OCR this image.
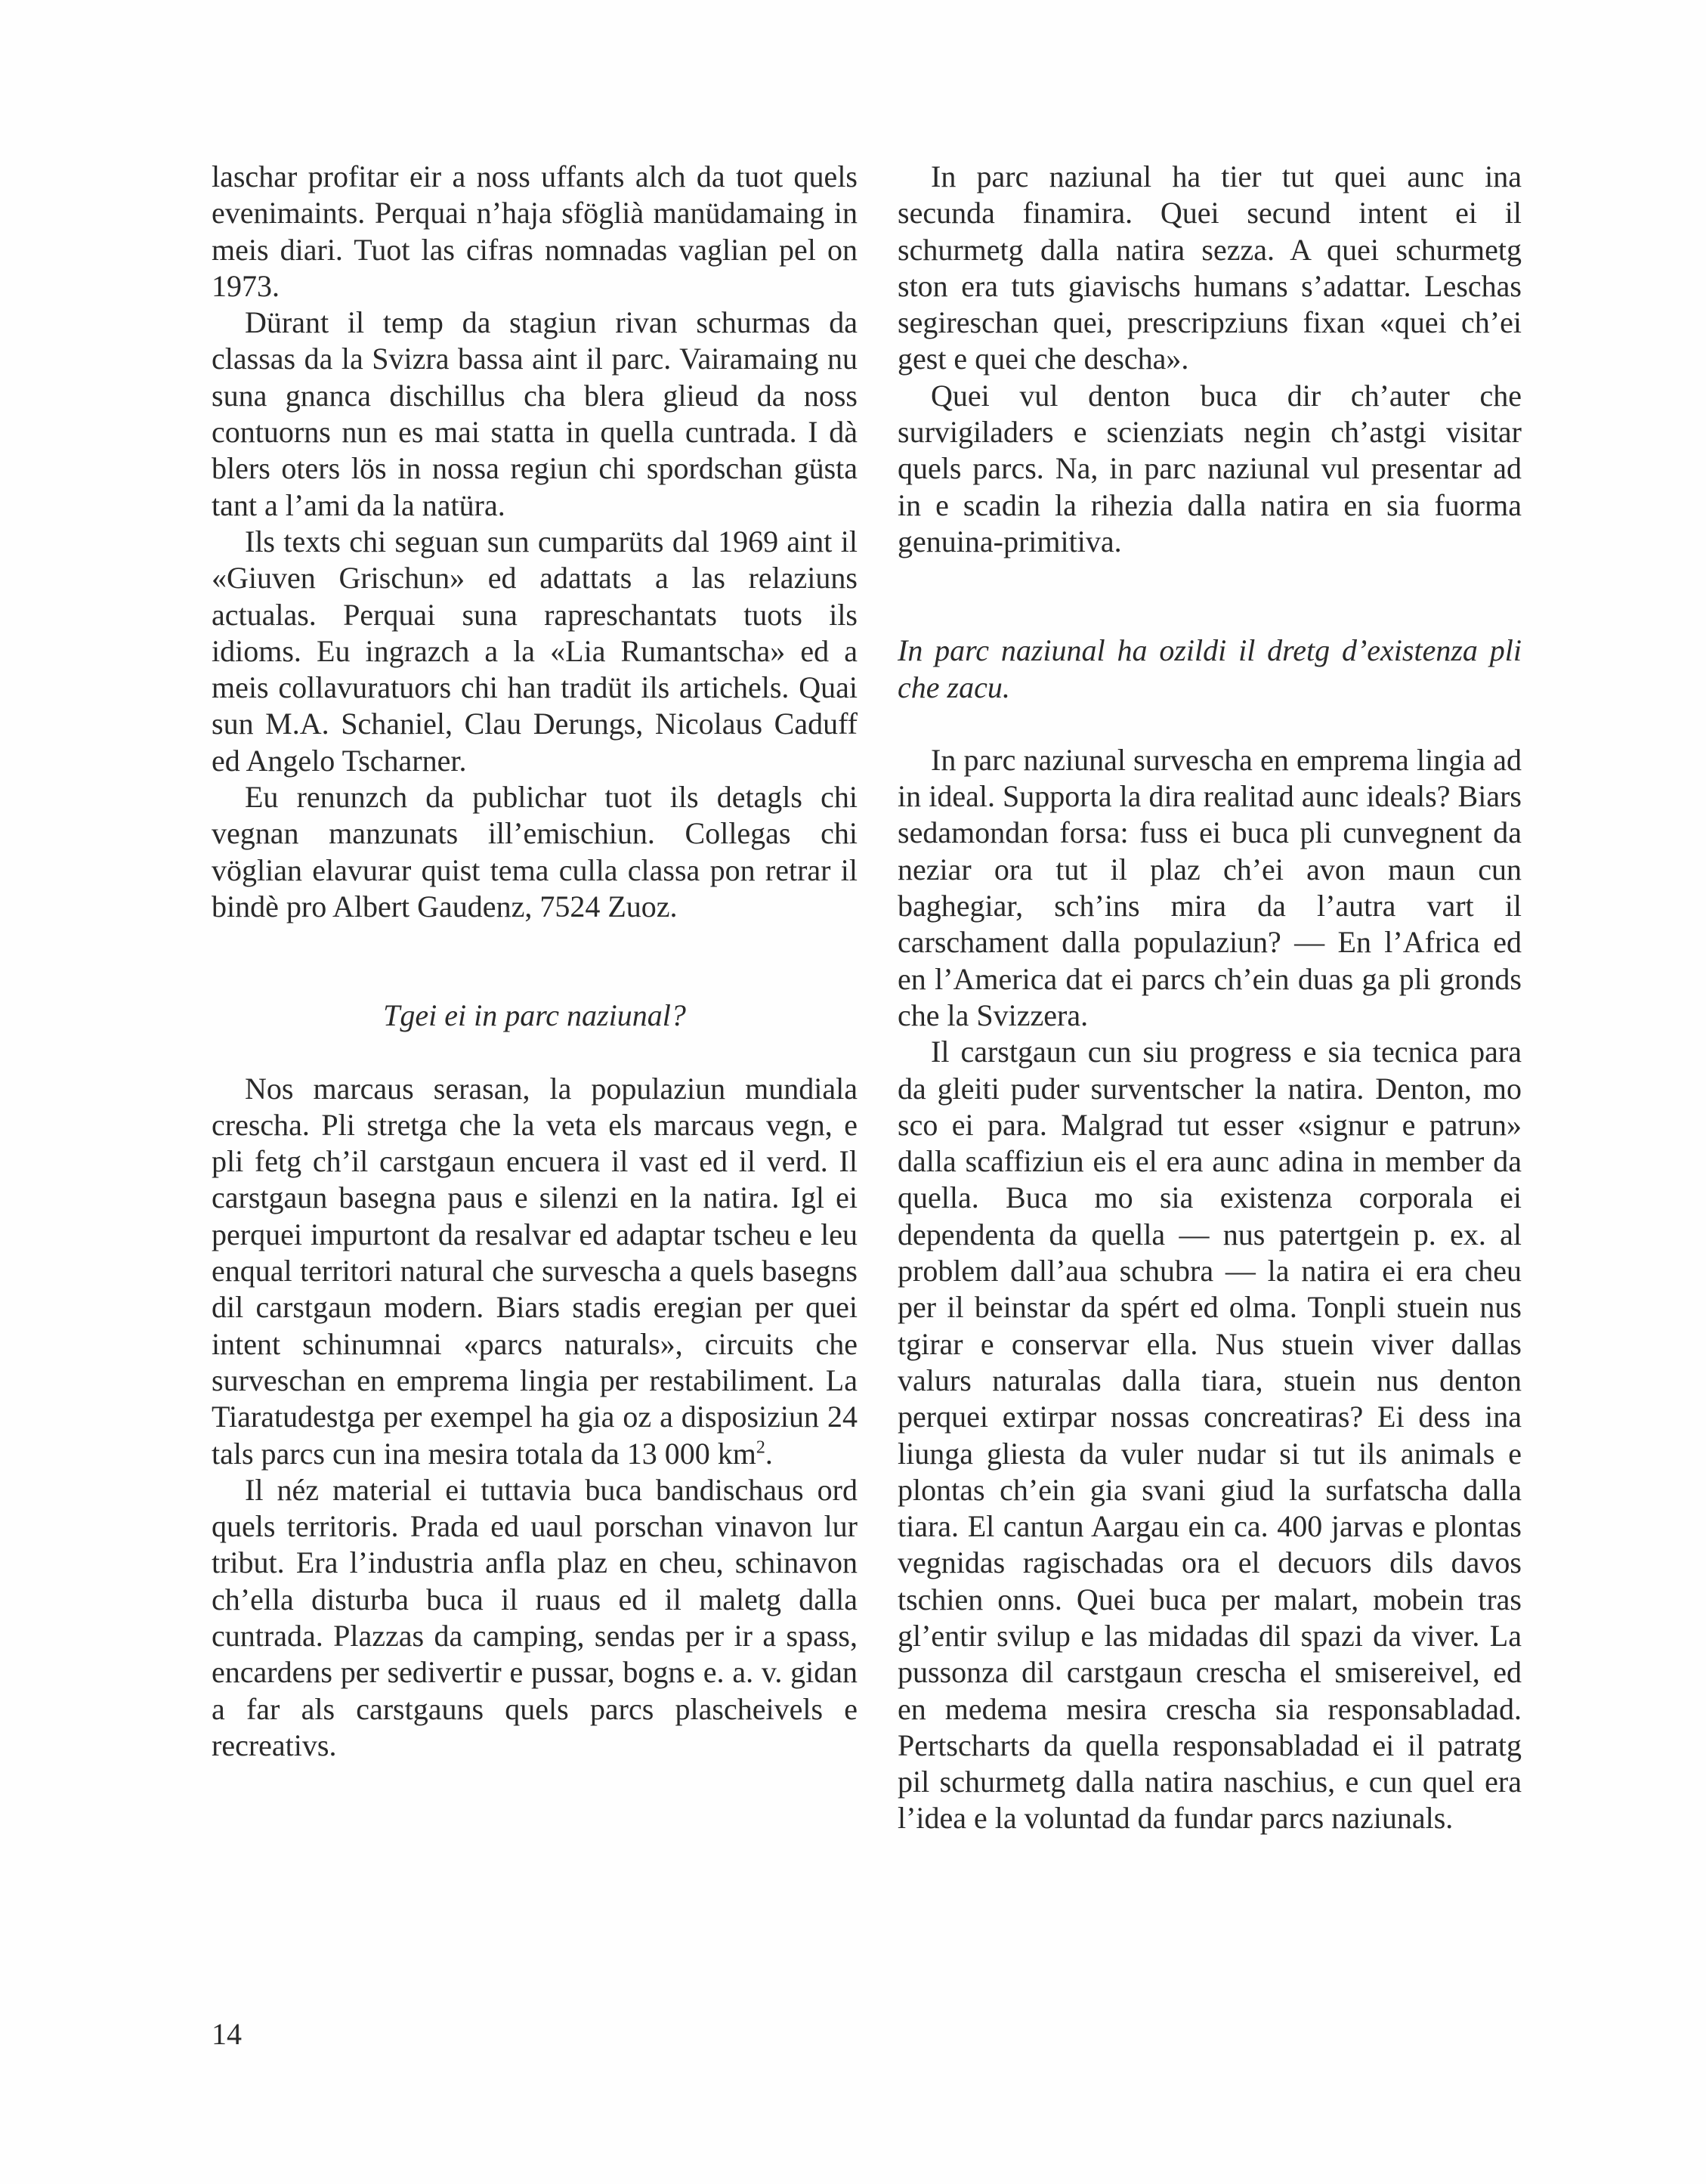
laschar profitar eir a noss uffants alch da tuot quels evenimaints. Perquai n’haja sföglià manüdamaing in meis diari. Tuot las cifras nomnadas vaglian pel on 1973.

Dürant il temp da stagiun rivan schurmas da classas da la Svizra bassa aint il parc. Vairamaing nu suna gnanca dischillus cha blera glieud da noss contuorns nun es mai statta in quella cuntrada. I dà blers oters lös in nossa regiun chi spordschan güsta tant a l’ami da la natüra.

Ils texts chi seguan sun cumparüts dal 1969 aint il «Giuven Grischun» ed adattats a las relaziuns actualas. Perquai suna rapreschantats tuots ils idioms. Eu ingrazch a la «Lia Rumantscha» ed a meis collavuratuors chi han tradüt ils artichels. Quai sun M.A. Schaniel, Clau Derungs, Nicolaus Caduff ed Angelo Tscharner.

Eu renunzch da publichar tuot ils detagls chi vegnan manzunats ill’emischiun. Collegas chi vöglian elavurar quist tema culla classa pon retrar il bindè pro Albert Gaudenz, 7524 Zuoz.

Tgei ei in parc naziunal?

Nos marcaus serasan, la populaziun mundiala crescha. Pli stretga che la veta els marcaus vegn, e pli fetg ch’il carstgaun encuera il vast ed il verd. Il carstgaun basegna paus e silenzi en la natira. Igl ei perquei impurtont da resalvar ed adaptar tscheu e leu enqual territori natural che survescha a quels basegns dil carstgaun modern. Biars stadis eregian per quei intent schinumnai «parcs naturals», circuits che surveschan en emprema lingia per restabiliment. La Tiaratudestga per exempel ha gia oz a disposiziun 24 tals parcs cun ina mesira totala da 13 000 $km^2$.

Il néz material ei tuttavia buca bandischaus ord quels territoris. Prada ed uaul porschan vinavon lur tribut. Era l’industria anfla plaz en cheu, schinavon ch’ella disturba buca il ruaus ed il maletg dalla cuntrada. Plazzas da camping, sendas per ir a spass, encardens per sedivertir e pussar, bogns e. a. v. gidan a far als carstgauns quels parcs plascheivels e recreativs.

In parc naziunal ha tier tut quei aunc ina secunda finamira. Quei secund intent ei il schurmetg dalla natira sezza. A quei schurmetg ston era tuts giavischs humans s’adattar. Leschas segireschan quei, prescripziuns fixan «quei ch’ei gest e quei che descha».

Quei vul denton buca dir ch’auter che survigiladers e scienziats negin ch’astgi visitar quels parcs. Na, in parc naziunal vul presentar ad in e scadin la rihezia dalla natira en sia fuorma genuina-primitiva.

In parc naziunal ha ozildi il dretg d’existenza pli che zacu.

In parc naziunal survescha en emprema lingia ad in ideal. Supporta la dira realitad aunc ideals? Biars sedamondan forsa: fuss ei buca pli cunvegnent da neziar ora tut il plaz ch’ei avon maun cun baghegiar, sch’ins mira da l’autra vart il carschament dalla populaziun? — En l’Africa ed en l’America dat ei parcs ch’ein duas ga pli gronds che la Svizzera.

Il carstgaun cun siu progress e sia tecnica para da gleiti puder surventscher la natira. Denton, mo sco ei para. Malgrad tut esser «signur e patrun» dalla scaffiziun eis el era aunc adina in member da quella. Buca mo sia existenza corporala ei dependenta da quella — nus patertgein p. ex. al problem dall’aua schubra — la natira ei era cheu per il beinstar da spért ed olma. Tonpli stuein nus tgirar e conservar ella. Nus stuein viver dallas valurs naturalas dalla tiara, stuein nus denton perquei extirpar nossas concreatiras? Ei dess ina liunga gliesta da vuler nudar si tut ils animals e plontas ch’ein gia svani giud la surfatscha dalla tiara. El cantun Aargau ein ca. 400 jarvas e plontas vegnidas ragischadas ora el decuors dils davos tschien onns. Quei buca per malart, mobein tras gl’entir svilup e las midadas dil spazi da viver. La pussonza dil carstgaun crescha el smisereivel, ed en medema mesira crescha sia responsabladad. Pertscharts da quella responsabladad ei il patratg pil schurmetg dalla natira naschius, e cun quel era l’idea e la voluntad da fundar parcs naziunals.

14
